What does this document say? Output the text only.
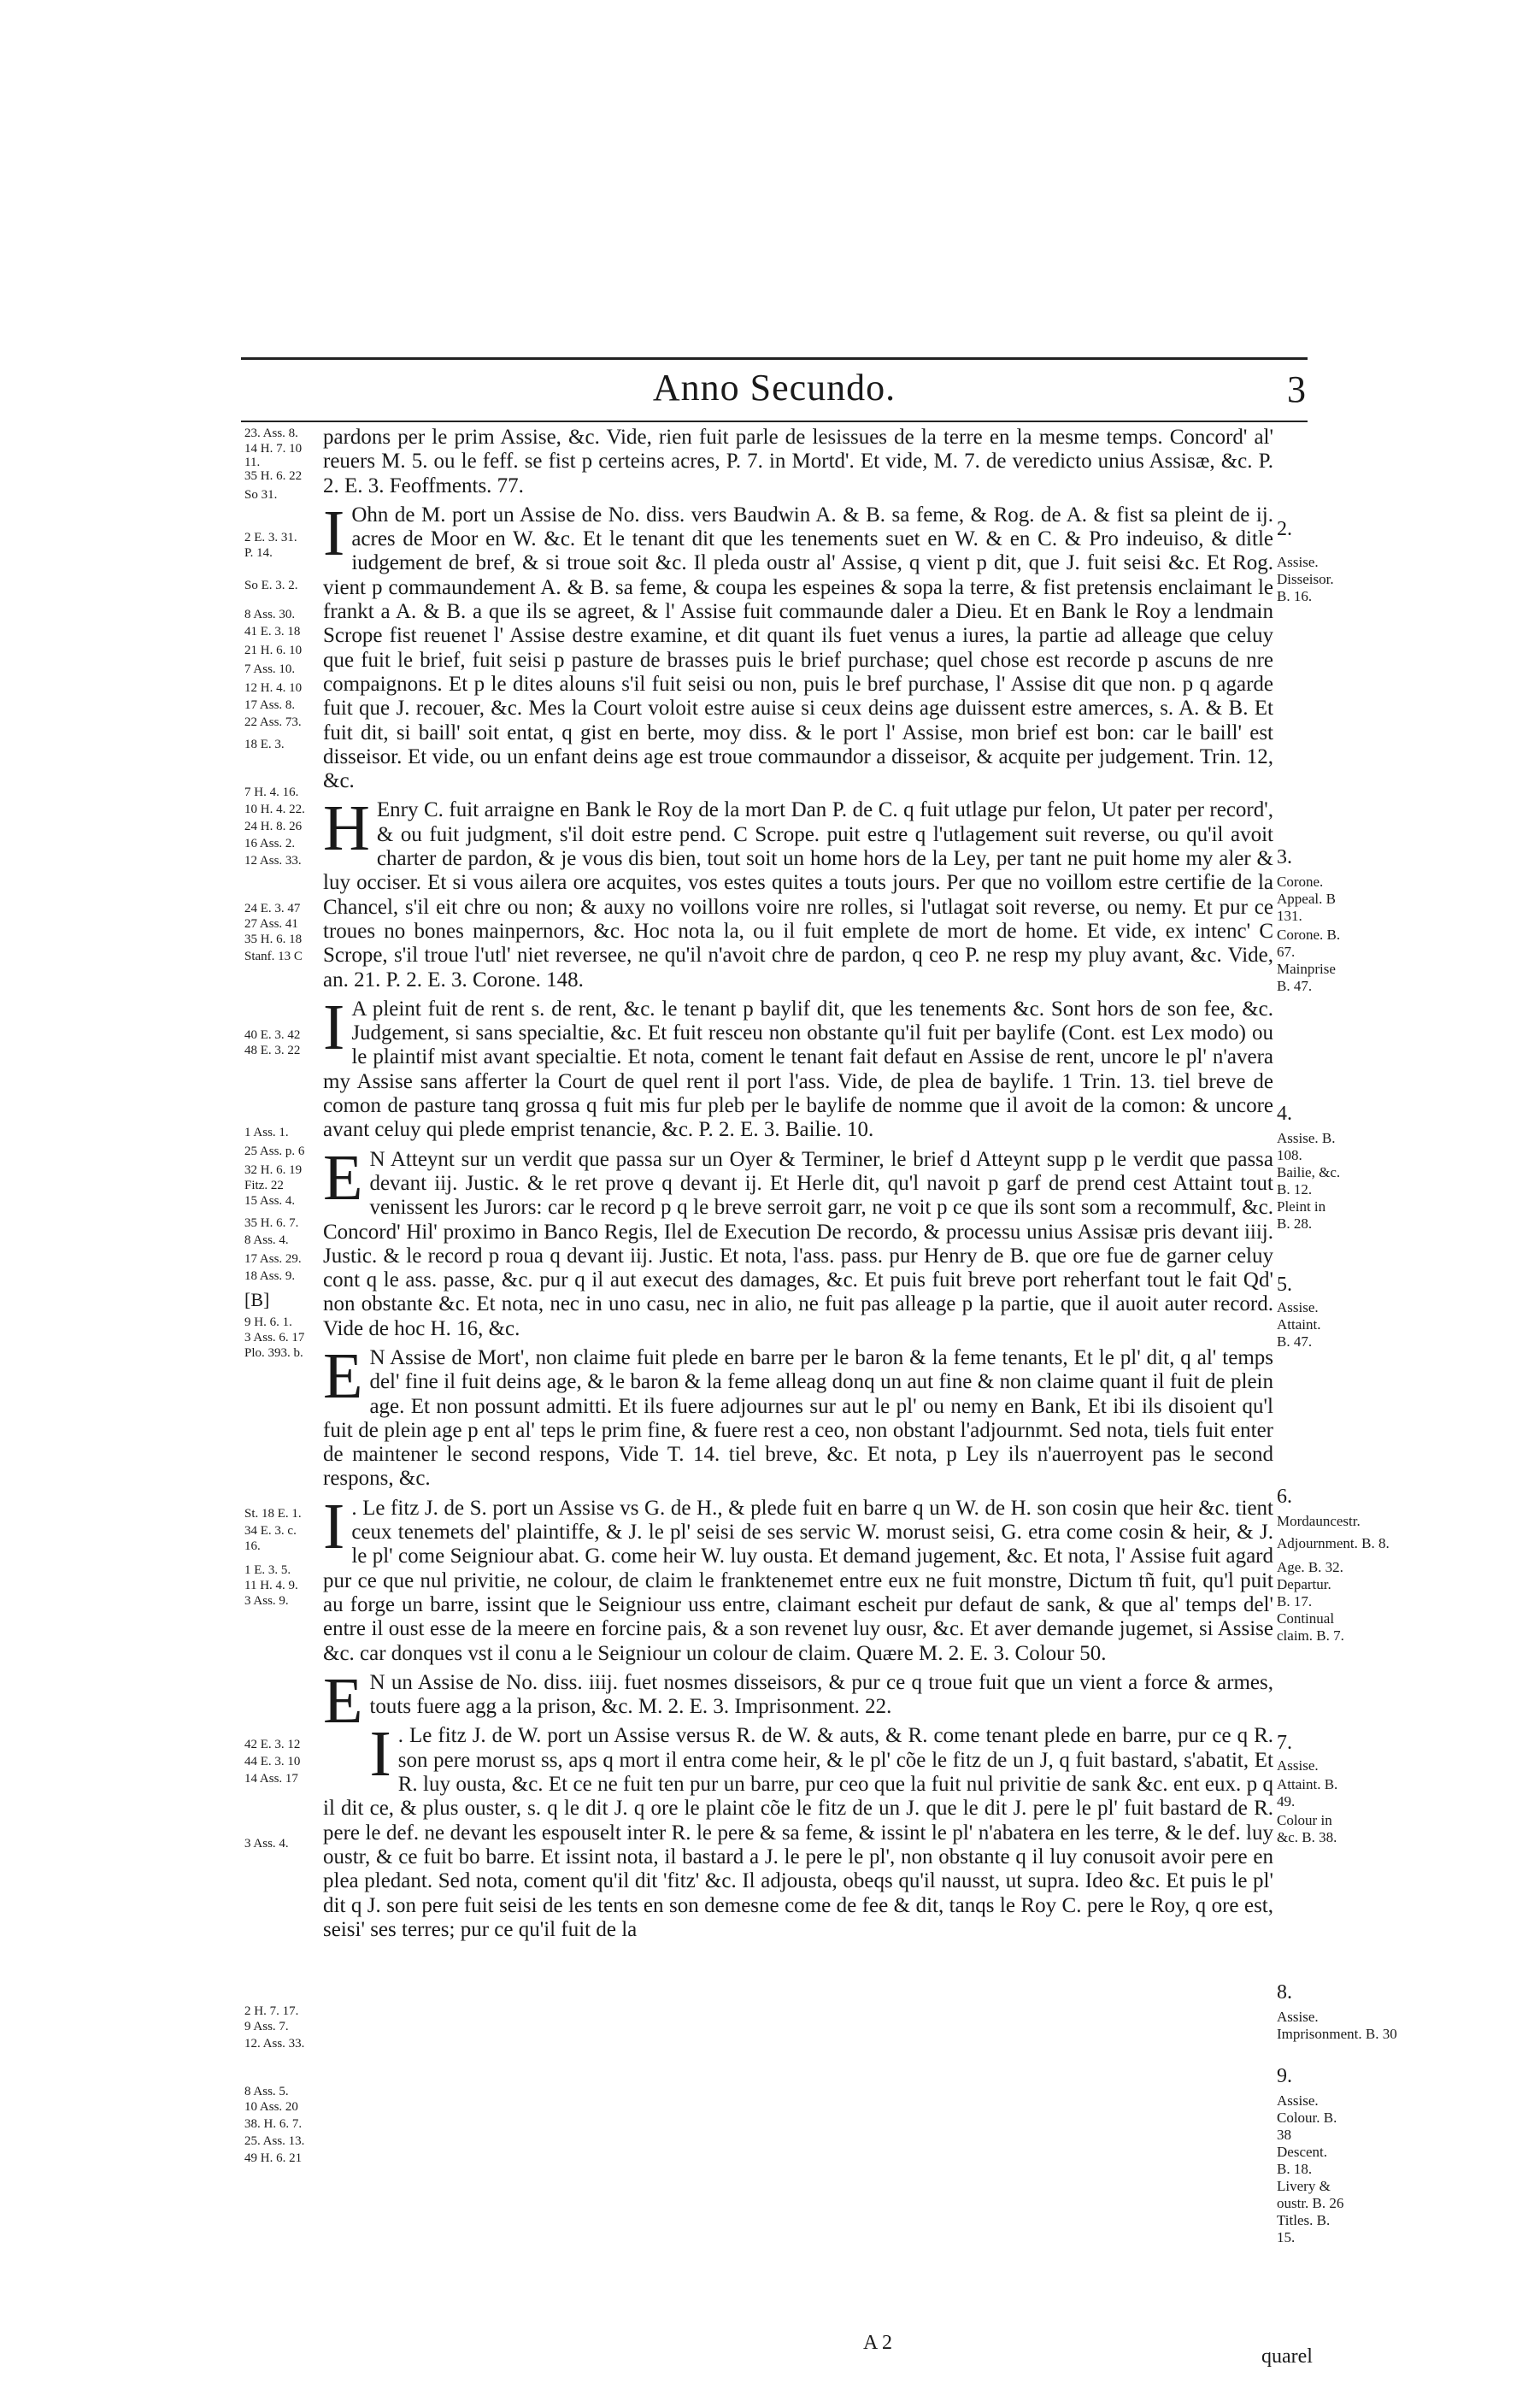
Anno Secundo.	3
23. Ass. 8.
14 H. 7. 10
11.
35 H. 6. 22
So 31.
2 E. 3. 31.
P. 14.
So E. 3. 2.
8 Ass. 30.
41 E. 3. 18
21 H. 6. 10
7 Ass. 10.
12 H. 4. 10
17 Ass. 8.
22 Ass. 73.
18 E. 3.
7 H. 4. 16.
10 H. 4. 22.
24 H. 8. 26
16 Ass. 2.
12 Ass. 33.
24 E. 3. 47
27 Ass. 41
35 H. 6. 18
Stanf. 13 C
40 E. 3. 42
48 E. 3. 22
1 Ass. 1.
25 Ass. p. 6
32 H. 6. 19
Fitz. 22
15 Ass. 4.
35 H. 6. 7.
8 Ass. 4.
17 Ass. 29.
18 Ass. 9.
[B]
9 H. 6. 1.
3 Ass. 6. 17
Plo. 393. b.
St. 18 E. 1.
34 E. 3. c.
16.
1 E. 3. 5.
11 H. 4. 9.
3 Ass. 9.
42 E. 3. 12
44 E. 3. 10
14 Ass. 17
3 Ass. 4.
2 H. 7. 17.
9 Ass. 7.
12. Ass. 33.
8 Ass. 5.
10 Ass. 20
38. H. 6. 7.
25. Ass. 13.
49 H. 6. 21

pardons per le prim Assise, &c. Vide, rien fuit parle de lesissues de la terre en la mesme temps. Concord' al' reuers M. 5. ou le feff. se fist p certeins acres, P. 7. in Mortd'. Et vide, M. 7. de veredicto unius Assisæ, &c. P. 2. E. 3. Feoffments. 77.

I Ohn de M. port un Assise de No. diss. vers Baudwin A. & B. sa feme, & Rog. de A. & fist sa pleint de ij. acres de Moor en W. &c. Et le tenant dit que les tenements suet en W. & en C. & Pro indeuiso, & ditle iudgement de bref, & si troue soit &c. Il pleda oustr al' Assise, q vient p dit, que J. fuit seisi &c. Et Rog. vient p commaundement A. & B. sa feme, & coupa les espeines & sopa la terre, & fist pretensis enclaimant le frankt a A. & B. a que ils se agreet, & l' Assise fuit commaunde daler a Dieu. Et en Bank le Roy a lendmain Scrope fist reuenet l' Assise destre examine, et dit quant ils fuet venus a iures, la partie ad alleage que celuy que fuit le brief, fuit seisi p pasture de brasses puis le brief purchase; quel chose est recorde p ascuns de nre compaignons. Et p le dites alouns s'il fuit seisi ou non, puis le bref purchase, l' Assise dit que non. p q agarde fuit que J. recouer, &c. Mes la Court voloit estre auise si ceux deins age duissent estre amerces, s. A. & B. Et fuit dit, si baill' soit entat, q gist en berte, moy diss. & le port l' Assise, mon brief est bon: car le baill' est disseisor. Et vide, ou un enfant deins age est troue commaundor a disseisor, & acquite per judgement. Trin. 12, &c.

H Enry C. fuit arraigne en Bank le Roy de la mort Dan P. de C. q fuit utlage pur felon, Ut pater per record', & ou fuit judgment, s'il doit estre pend. C Scrope. puit estre q l'utlagement suit reverse, ou qu'il avoit charter de pardon, & je vous dis bien, tout soit un home hors de la Ley, per tant ne puit home my aler & luy occiser. Et si vous ailera ore acquites, vos estes quites a touts jours. Per que no voillom estre certifie de la Chancel, s'il eit chre ou non; & auxy no voillons voire nre rolles, si l'utlagat soit reverse, ou nemy. Et pur ce troues no bones mainpernors, &c. Hoc nota la, ou il fuit emplete de mort de home. Et vide, ex intenc' C Scrope, s'il troue l'utl' niet reversee, ne qu'il n'avoit chre de pardon, q ceo P. ne resp my pluy avant, &c. Vide, an. 21. P. 2. E. 3. Corone. 148.

I A pleint fuit de rent s. de rent, &c. le tenant p baylif dit, que les tenements &c. Sont hors de son fee, &c. Judgement, si sans specialtie, &c. Et fuit resceu non obstante qu'il fuit per baylife (Cont. est Lex modo) ou le plaintif mist avant specialtie. Et nota, coment le tenant fait defaut en Assise de rent, uncore le pl' n'avera my Assise sans afferter la Court de quel rent il port l'ass. Vide, de plea de baylife. 1 Trin. 13. tiel breve de comon de pasture tanq grossa q fuit mis fur pleb per le baylife de nomme que il avoit de la comon: & uncore avant celuy qui plede emprist tenancie, &c. P. 2. E. 3. Bailie. 10.

E N Atteynt sur un verdit que passa sur un Oyer & Terminer, le brief d Atteynt supp p le verdit que passa devant iij. Justic. & le ret prove q devant ij. Et Herle dit, qu'l navoit p garf de prend cest Attaint tout venissent les Jurors: car le record p q le breve serroit garr, ne voit p ce que ils sont som a recommulf, &c. Concord' Hil' proximo in Banco Regis, Ilel de Execution De recordo, & processu unius Assisæ pris devant iiij. Justic. & le record p roua q devant iij. Justic. Et nota, l'ass. pass. pur Henry de B. que ore fue de garner celuy cont q le ass. passe, &c. pur q il aut execut des damages, &c. Et puis fuit breve port reherfant tout le fait Qd' non obstante &c. Et nota, nec in uno casu, nec in alio, ne fuit pas alleage p la partie, que il auoit auter record. Vide de hoc H. 16, &c.

E N Assise de Mort', non claime fuit plede en barre per le baron & la feme tenants, Et le pl' dit, q al' temps del' fine il fuit deins age, & le baron & la feme alleag donq un aut fine & non claime quant il fuit de plein age. Et non possunt admitti. Et ils fuere adjournes sur aut le pl' ou nemy en Bank, Et ibi ils disoient qu'l fuit de plein age p ent al' teps le prim fine, & fuere rest a ceo, non obstant l'adjournmt. Sed nota, tiels fuit enter de maintener le second respons, Vide T. 14. tiel breve, &c. Et nota, p Ley ils n'auerroyent pas le second respons, &c.

I . Le fitz J. de S. port un Assise vs G. de H., & plede fuit en barre q un W. de H. son cosin que heir &c. tient ceux tenemets del' plaintiffe, & J. le pl' seisi de ses servic W. morust seisi, G. etra come cosin & heir, & J. le pl' come Seigniour abat. G. come heir W. luy ousta. Et demand jugement, &c. Et nota, l' Assise fuit agard pur ce que nul privitie, ne colour, de claim le franktenemet entre eux ne fuit monstre, Dictum tñ fuit, qu'l puit au forge un barre, issint que le Seigniour uss entre, claimant escheit pur defaut de sank, & que al' temps del' entre il oust esse de la meere en forcine pais, & a son revenet luy ousr, &c. Et aver demande jugemet, si Assise &c. car donques vst il conu a le Seigniour un colour de claim. Quære M. 2. E. 3. Colour 50.

E N un Assise de No. diss. iiij. fuet nosmes disseisors, & pur ce q troue fuit que un vient a force & armes, touts fuere agg a la prison, &c. M. 2. E. 3. Imprisonment. 22.

I . Le fitz J. de W. port un Assise versus R. de W. & auts, & R. come tenant plede en barre, pur ce q R. son pere morust ss, aps q mort il entra come heir, & le pl' cõe le fitz de un J, q fuit bastard, s'abatit, Et R. luy ousta, &c. Et ce ne fuit ten pur un barre, pur ceo que la fuit nul privitie de sank &c. ent eux. p q il dit ce, & plus ouster, s. q le dit J. q ore le plaint cõe le fitz de un J. que le dit J. pere le pl' fuit bastard de R. pere le def. ne devant les espouselt inter R. le pere & sa feme, & issint le pl' n'abatera en les terre, & le def. luy oustr, & ce fuit bo barre. Et issint nota, il bastard a J. le pere le pl', non obstante q il luy conusoit avoir pere en plea pledant. Sed nota, coment qu'il dit 'fitz' &c. Il adjousta, obeqs qu'il nausst, ut supra. Ideo &c. Et puis le pl' dit q J. son pere fuit seisi de les tents en son demesne come de fee & dit, tanqs le Roy C. pere le Roy, q ore est, seisi' ses terres; pur ce qu'il fuit de la

2.
Assise.
Disseisor.
B. 16.
3.
Corone.
Appeal. B
131.
Corone. B.
67.
Mainprise
B. 47.
4.
Assise. B.
108.
Bailie, &c.
B. 12.
Pleint in
B. 28.
5.
Assise.
Attaint.
B. 47.
6.
Mordauncestr.
Adjournment. B. 8.
Age. B. 32.
Departur.
B. 17.
Continual
claim. B. 7.
7.
Assise.
Attaint. B.
49.
Colour in
&c. B. 38.
8.
Assise.
Imprisonment. B. 30
9.
Assise.
Colour. B.
38
Descent.
B. 18.
Livery &
oustr. B. 26
Titles. B.
15.
A 2
quarel
